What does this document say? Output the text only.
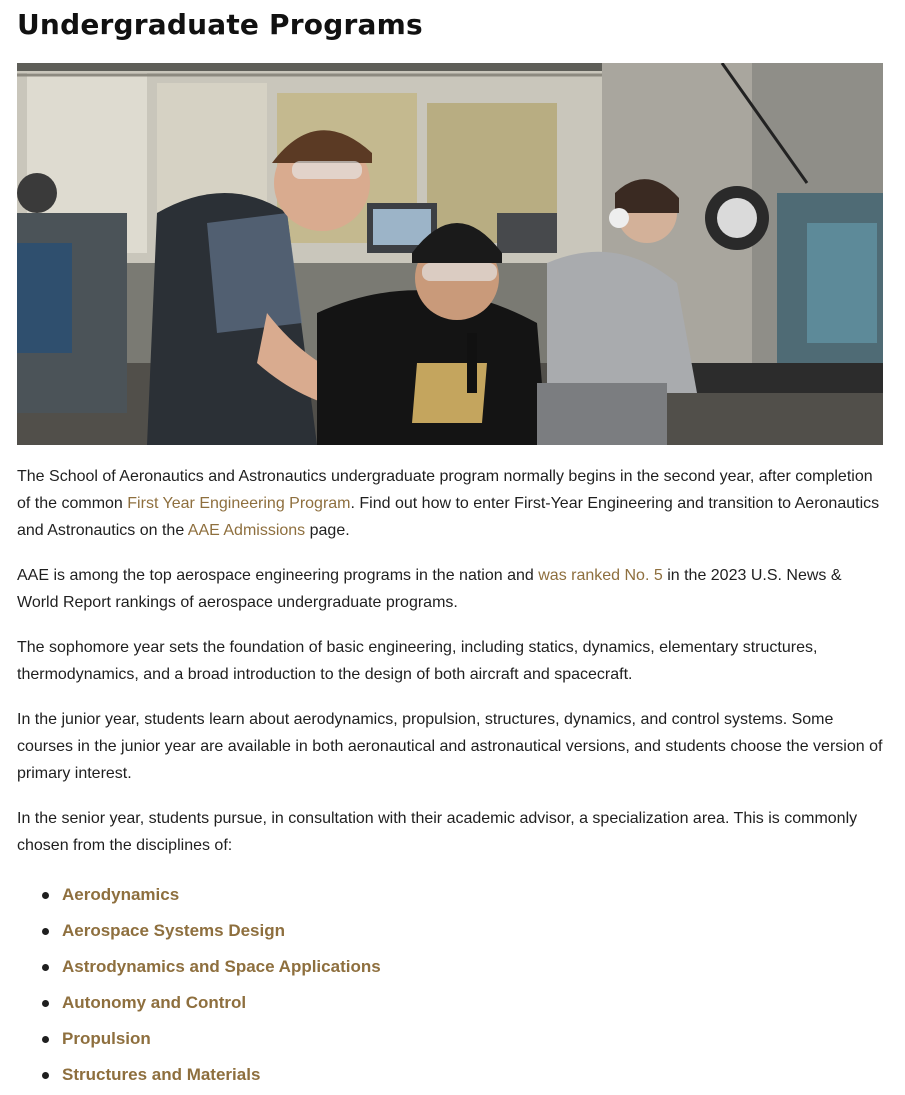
Undergraduate Programs

The School of Aeronautics and Astronautics undergraduate program normally begins in the second year, after completion of the common First Year Engineering Program. Find out how to enter First-Year Engineering and transition to Aeronautics and Astronautics on the AAE Admissions page.

AAE is among the top aerospace engineering programs in the nation and was ranked No. 5 in the 2023 U.S. News & World Report rankings of aerospace undergraduate programs.

The sophomore year sets the foundation of basic engineering, including statics, dynamics, elementary structures, thermodynamics, and a broad introduction to the design of both aircraft and spacecraft.

In the junior year, students learn about aerodynamics, propulsion, structures, dynamics, and control systems. Some courses in the junior year are available in both aeronautical and astronautical versions, and students choose the version of primary interest.

In the senior year, students pursue, in consultation with their academic advisor, a specialization area. This is commonly chosen from the disciplines of:

Aerodynamics
Aerospace Systems Design
Astrodynamics and Space Applications
Autonomy and Control
Propulsion
Structures and Materials
